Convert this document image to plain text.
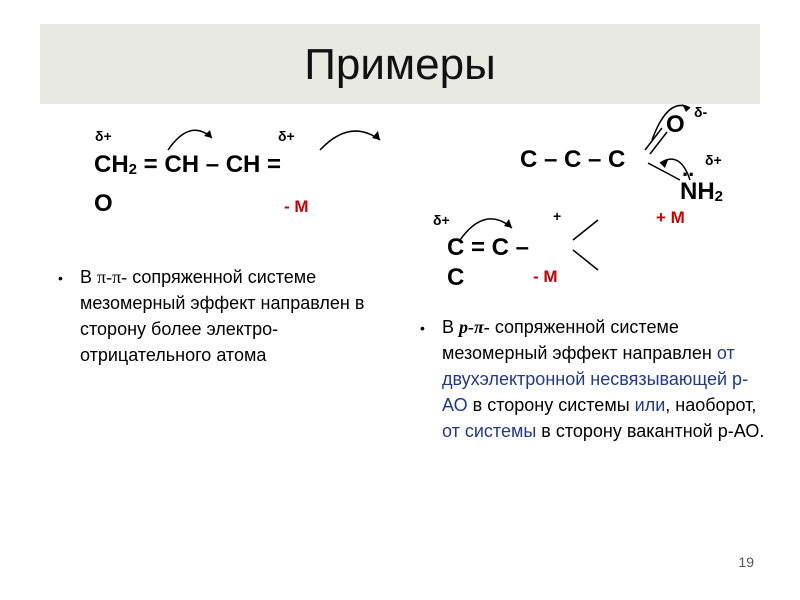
Примеры
δ+	δ+
$CH_2$ = CH – CH =
O	- M
• В π-π- сопряженной системе мезомерный эффект направлен в сторону более электро- отрицательного атома
C – C – C
O δ-
δ+
..
$NH_2$
+ M
δ+	+
C = C –
C	- M
• В p-π- сопряженной системе мезомерный эффект направлен от двухэлектронной несвязывающей р-АО в сторону системы или, наоборот, от системы в сторону вакантной р-АО.
19
